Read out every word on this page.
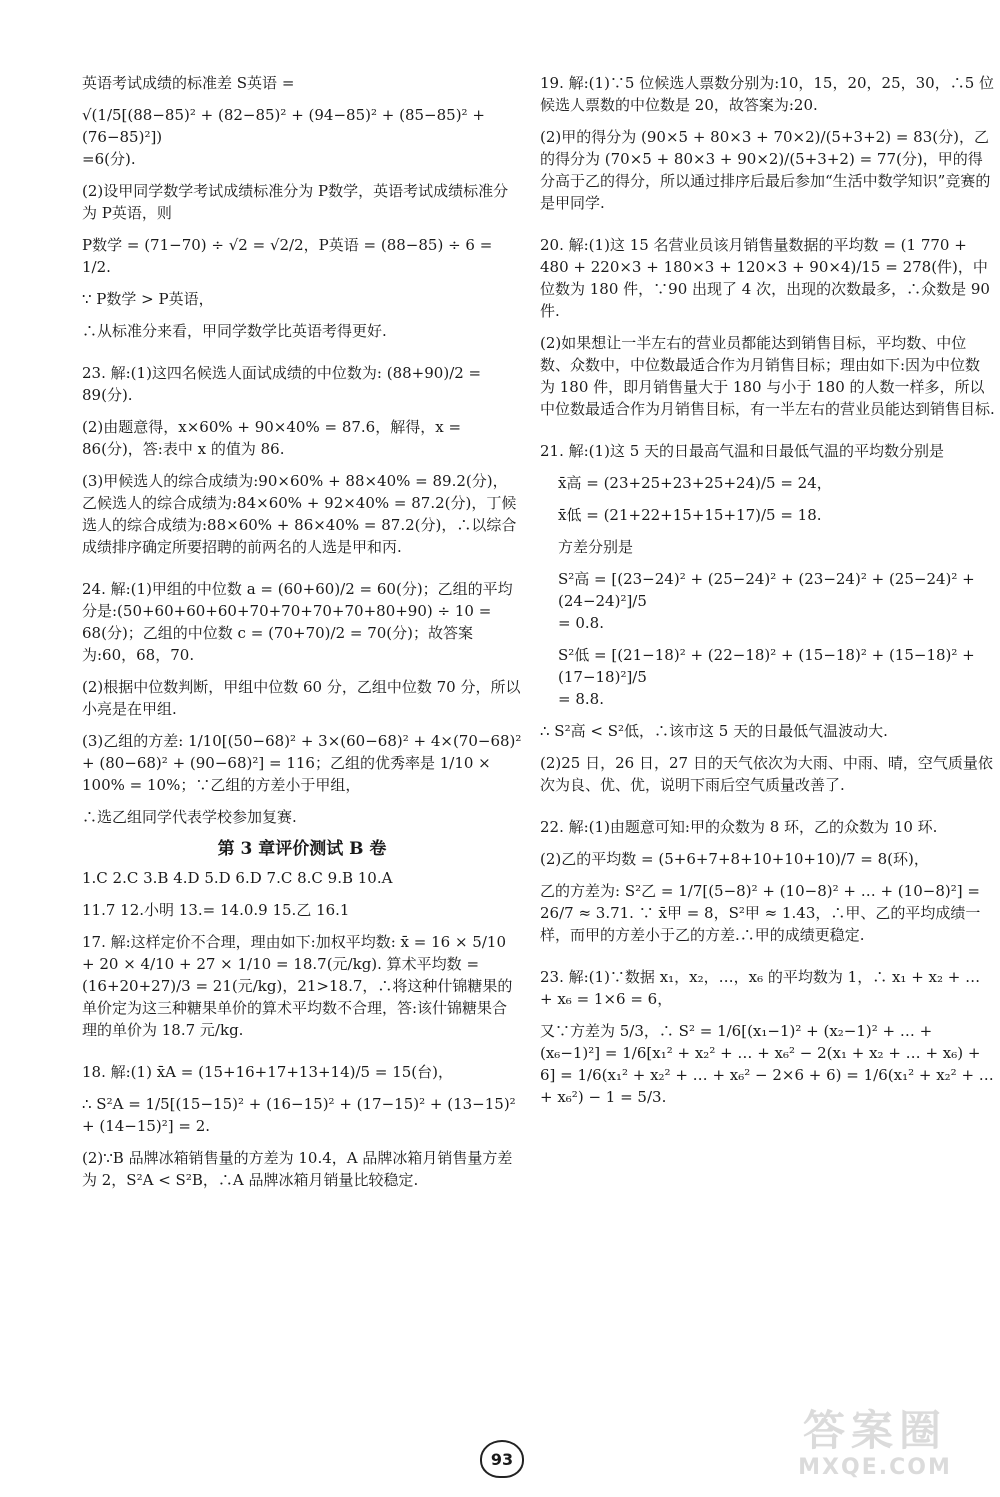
英语考试成绩的标准差 S英语 =

√(1/5[(88−85)² + (82−85)² + (94−85)² + (85−85)² + (76−85)²])

=6(分).

(2)设甲同学数学考试成绩标准分为 P数学，英语考试成绩标准分为 P英语，则

P数学 = (71−70) ÷ √2 = √2/2，P英语 = (88−85) ÷ 6 = 1/2.

∵ P数学 > P英语，

∴从标准分来看，甲同学数学比英语考得更好.

23. 解:(1)这四名候选人面试成绩的中位数为: (88+90)/2 = 89(分).

(2)由题意得，x×60% + 90×40% = 87.6，解得，x = 86(分)，答:表中 x 的值为 86.

(3)甲候选人的综合成绩为:90×60% + 88×40% = 89.2(分)，乙候选人的综合成绩为:84×60% + 92×40% = 87.2(分)，丁候选人的综合成绩为:88×60% + 86×40% = 87.2(分)，∴以综合成绩排序确定所要招聘的前两名的人选是甲和丙.

24. 解:(1)甲组的中位数 a = (60+60)/2 = 60(分)；乙组的平均分是:(50+60+60+60+70+70+70+70+80+90) ÷ 10 = 68(分)；乙组的中位数 c = (70+70)/2 = 70(分)；故答案为:60，68，70.

(2)根据中位数判断，甲组中位数 60 分，乙组中位数 70 分，所以小亮是在甲组.

(3)乙组的方差: 1/10[(50−68)² + 3×(60−68)² + 4×(70−68)² + (80−68)² + (90−68)²] = 116；乙组的优秀率是 1/10 × 100% = 10%；∵乙组的方差小于甲组，

∴选乙组同学代表学校参加复赛.

第 3 章评价测试 B 卷

1.C 2.C 3.B 4.D 5.D 6.D 7.C 8.C 9.B 10.A

11.7 12.小明 13.= 14.0.9 15.乙 16.1

17. 解:这样定价不合理，理由如下:加权平均数: x̄ = 16 × 5/10 + 20 × 4/10 + 27 × 1/10 = 18.7(元/kg). 算术平均数 = (16+20+27)/3 = 21(元/kg)，21>18.7，∴将这种什锦糖果的单价定为这三种糖果单价的算术平均数不合理，答:该什锦糖果合理的单价为 18.7 元/kg.

18. 解:(1) x̄A = (15+16+17+13+14)/5 = 15(台)，

∴ S²A = 1/5[(15−15)² + (16−15)² + (17−15)² + (13−15)² + (14−15)²] = 2.

(2)∵B 品牌冰箱销售量的方差为 10.4，A 品牌冰箱月销售量方差为 2，S²A < S²B，∴A 品牌冰箱月销量比较稳定.

19. 解:(1)∵5 位候选人票数分别为:10，15，20，25，30，∴5 位候选人票数的中位数是 20，故答案为:20.

(2)甲的得分为 (90×5 + 80×3 + 70×2)/(5+3+2) = 83(分)，乙的得分为 (70×5 + 80×3 + 90×2)/(5+3+2) = 77(分)，甲的得分高于乙的得分，所以通过排序后最后参加“生活中数学知识”竞赛的是甲同学.

20. 解:(1)这 15 名营业员该月销售量数据的平均数 = (1 770 + 480 + 220×3 + 180×3 + 120×3 + 90×4)/15 = 278(件)，中位数为 180 件，∵90 出现了 4 次，出现的次数最多，∴众数是 90 件.

(2)如果想让一半左右的营业员都能达到销售目标，平均数、中位数、众数中，中位数最适合作为月销售目标；理由如下:因为中位数为 180 件，即月销售量大于 180 与小于 180 的人数一样多，所以中位数最适合作为月销售目标，有一半左右的营业员能达到销售目标.

21. 解:(1)这 5 天的日最高气温和日最低气温的平均数分别是

x̄高 = (23+25+23+25+24)/5 = 24，

x̄低 = (21+22+15+15+17)/5 = 18.

方差分别是

S²高 = [(23−24)² + (25−24)² + (23−24)² + (25−24)² + (24−24)²]/5

= 0.8.

S²低 = [(21−18)² + (22−18)² + (15−18)² + (15−18)² + (17−18)²]/5

= 8.8.

∴ S²高 < S²低，∴该市这 5 天的日最低气温波动大.

(2)25 日，26 日，27 日的天气依次为大雨、中雨、晴，空气质量依次为良、优、优，说明下雨后空气质量改善了.

22. 解:(1)由题意可知:甲的众数为 8 环，乙的众数为 10 环.

(2)乙的平均数 = (5+6+7+8+10+10+10)/7 = 8(环)，

乙的方差为: S²乙 = 1/7[(5−8)² + (10−8)² + … + (10−8)²] = 26/7 ≈ 3.71. ∵ x̄甲 = 8，S²甲 ≈ 1.43，∴甲、乙的平均成绩一样，而甲的方差小于乙的方差.∴甲的成绩更稳定.

23. 解:(1)∵数据 x₁，x₂，…，x₆ 的平均数为 1，∴ x₁ + x₂ + … + x₆ = 1×6 = 6，

又∵方差为 5/3，∴ S² = 1/6[(x₁−1)² + (x₂−1)² + … + (x₆−1)²] = 1/6[x₁² + x₂² + … + x₆² − 2(x₁ + x₂ + … + x₆) + 6] = 1/6(x₁² + x₂² + … + x₆² − 2×6 + 6) = 1/6(x₁² + x₂² + … + x₆²) − 1 = 5/3.

93
答案圈
MXQE.COM
